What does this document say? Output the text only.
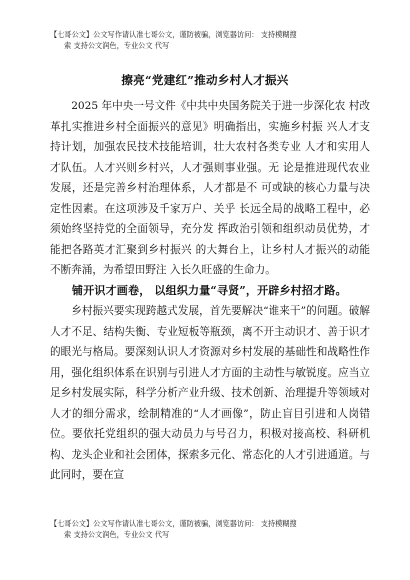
【七哥公文】公文写作请认准七哥公文，谨防被骗，浏览器访问： 支持模糊搜
索 支持公文润色，专业公文 代写
擦亮“党建红”推动乡村人才振兴

2025 年中央一号文件《中共中央国务院关于进一步深化农 村改革扎实推进乡村全面振兴的意见》明确指出，实施乡村振 兴人才支持计划，加强农民技术技能培训，壮大农村各类专业 人才和实用人才队伍。人才兴则乡村兴，人才强则事业强。无 论是推进现代农业发展，还是完善乡村治理体系，人才都是不 可或缺的核心力量与决定性因素。在这项涉及千家万户、关乎 长远全局的战略工程中，必须始终坚持党的全面领导，充分发 挥政治引领和组织动员优势，才能把各路英才汇聚到乡村振兴 的大舞台上，让乡村人才振兴的动能不断奔涌，为希望田野注 入长久旺盛的生命力。

铺开识才画卷， 以组织力量“寻贤”，开辟乡村招才路。

乡村振兴要实现跨越式发展，首先要解决“谁来干”的问题。破解人才不足、结构失衡、专业短板等瓶颈，离不开主动识才、善于识才的眼光与格局。要深刻认识人才资源对乡村发展的基础性和战略性作用，强化组织体系在识别与引进人才方面的主动性与敏锐度。应当立足乡村发展实际，科学分析产业升级、技术创新、治理提升等领域对人才的细分需求，绘制精准的“人才画像”，防止盲目引进和人岗错位。要依托党组织的强大动员力与号召力，积极对接高校、科研机构、龙头企业和社会团体，探索多元化、常态化的人才引进通道。与此同时，要在宣

【七哥公文】公文写作请认准七哥公文，谨防被骗，浏览器访问： 支持模糊搜
索 支持公文润色，专业公文 代写
